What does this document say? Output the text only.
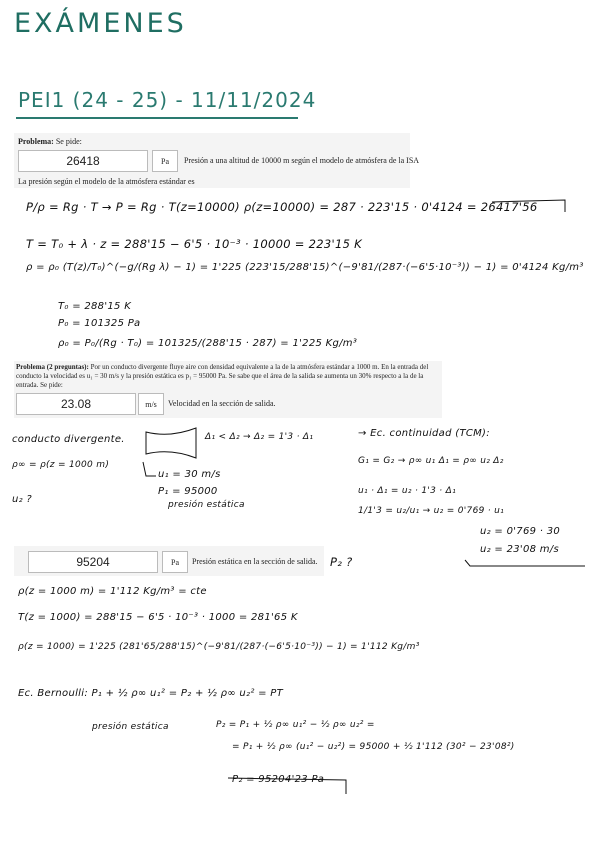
EXÁMENES
PEI1 (24 - 25) - 11/11/2024
Problema: Se pide:
26418	Pa	Presión a una altitud de 10000 m según el modelo de atmósfera de la ISA
La presión según el modelo de la atmósfera estándar es
P/ρ = Rg · T → P = Rg · T(z=10000) ρ(z=10000) = 287 · 223'15 · 0'4124 = 26417'56
T = T₀ + λ · z = 288'15 − 6'5 · 10⁻³ · 10000 = 223'15 K
ρ = ρ₀ (T(z)/T₀)^(−g/(Rg λ) − 1) = 1'225 (223'15/288'15)^(−9'81/(287·(−6'5·10⁻³)) − 1) = 0'4124 Kg/m³
T₀ = 288'15 K
P₀ = 101325 Pa
ρ₀ = P₀/(Rg · T₀) = 101325/(288'15 · 287) = 1'225 Kg/m³
Problema (2 preguntas): Por un conducto divergente fluye aire con densidad equivalente a la de la atmósfera estándar a 1000 m. En la entrada del
conducto la velocidad es u₁ = 30 m/s y la presión estática es p₁ = 95000 Pa. Se sabe que el área de la salida se aumenta un 30% respecto a la de la
entrada. Se pide:
23.08	m/s	Velocidad en la sección de salida.
conducto divergente.
ρ∞ = ρ(z = 1000 m)
u₂ ?
Δ₁ < Δ₂ → Δ₂ = 1'3 · Δ₁
u₁ = 30 m/s
P₁ = 95000
presión estática
→ Ec. continuidad (TCM):
G₁ = G₂ → ρ∞ u₁ Δ₁ = ρ∞ u₂ Δ₂
u₁ · Δ₁ = u₂ · 1'3 · Δ₁
1/1'3 = u₂/u₁ → u₂ = 0'769 · u₁
u₂ = 0'769 · 30
u₂ = 23'08 m/s
95204	Pa	Presión estática en la sección de salida. P₂ ?
ρ(z = 1000 m) = 1'112 Kg/m³ = cte
T(z = 1000) = 288'15 − 6'5 · 10⁻³ · 1000 = 281'65 K
ρ(z = 1000) = 1'225 (281'65/288'15)^(−9'81/(287·(−6'5·10⁻³)) − 1) = 1'112 Kg/m³
Ec. Bernoulli: P₁ + ½ ρ∞ u₁² = P₂ + ½ ρ∞ u₂² = PT
presión estática	P₂ = P₁ + ½ ρ∞ u₁² − ½ ρ∞ u₂² =
= P₁ + ½ ρ∞ (u₁² − u₂²) = 95000 + ½ 1'112 (30² − 23'08²)
P₂ = 95204'23 Pa
